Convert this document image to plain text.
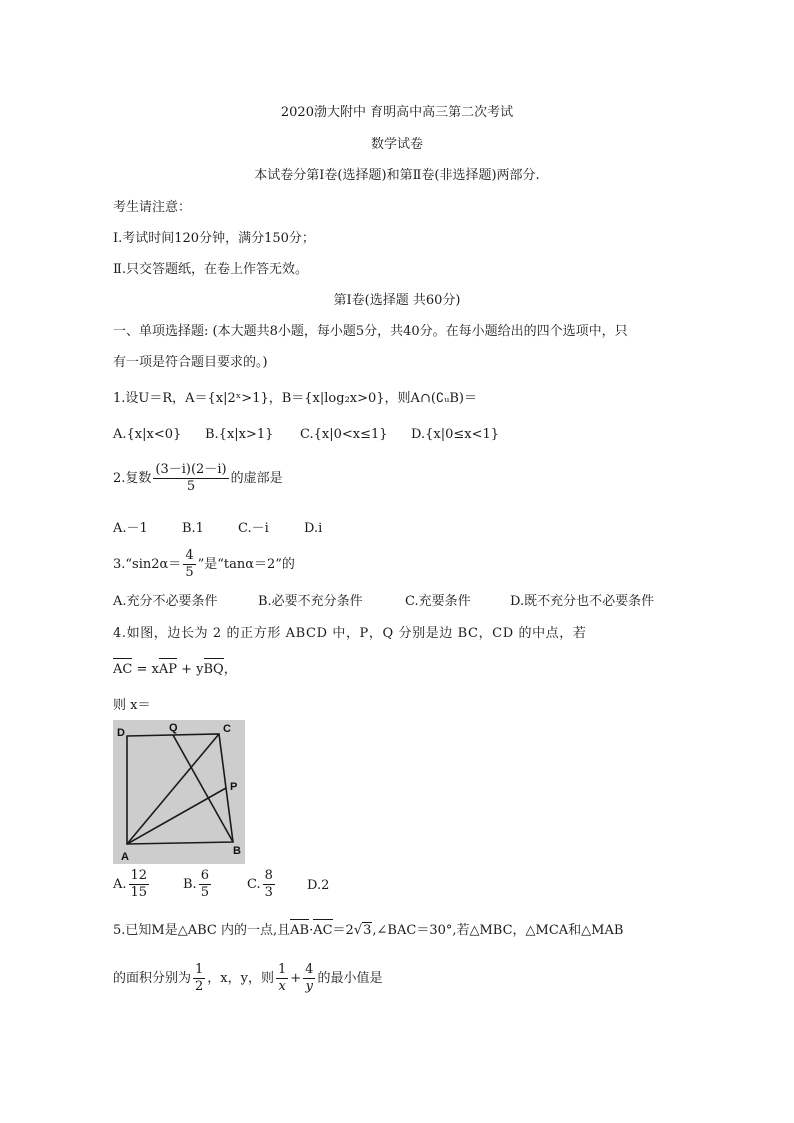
2020渤大附中 育明高中高三第二次考试
数学试卷
本试卷分第Ⅰ卷(选择题)和第Ⅱ卷(非选择题)两部分.
考生请注意：
Ⅰ.考试时间120分钟，满分150分；
Ⅱ.只交答题纸，在卷上作答无效。
第Ⅰ卷(选择题 共60分)
一、单项选择题: (本大题共8小题，每小题5分，共40分。在每小题给出的四个选项中，只
有一项是符合题目要求的。)
1.设U＝R，A＝{x|2ˣ>1}，B＝{x|log₂x>0}，则A∩(∁ᵤB)＝
A.{x|x<0} B.{x|x>1} C.{x|0<x≤1} D.{x|0≤x<1}
2.复数 $\frac{(3-i)(2-i)}{5}$ 的虚部是
A.－1	B.1	C.－i	D.i
3.“sin2α＝ $\frac{4}{5}$ ”是“tanα＝2”的
A.充分不必要条件	B.必要不充分条件	C.充要条件	D.既不充分也不必要条件
4.如图，边长为 2 的正方形 ABCD 中，P，Q 分别是边 BC，CD 的中点，若
AC = xAP + yBQ，
则 x＝
D	Q	C
P
A	B
A. $\frac{12}{15}$	B. $\frac{6}{5}$	C. $\frac{8}{3} D.2$
5.已知M是△ABC 内的一点,且AB·AC＝2√3,∠BAC＝30°,若△MBC，△MCA和△MAB
的面积分别为 $\frac{1}{2}$ ，x，y，则 $\frac{1}{x} + \frac{4}{y}$ 的最小值是
